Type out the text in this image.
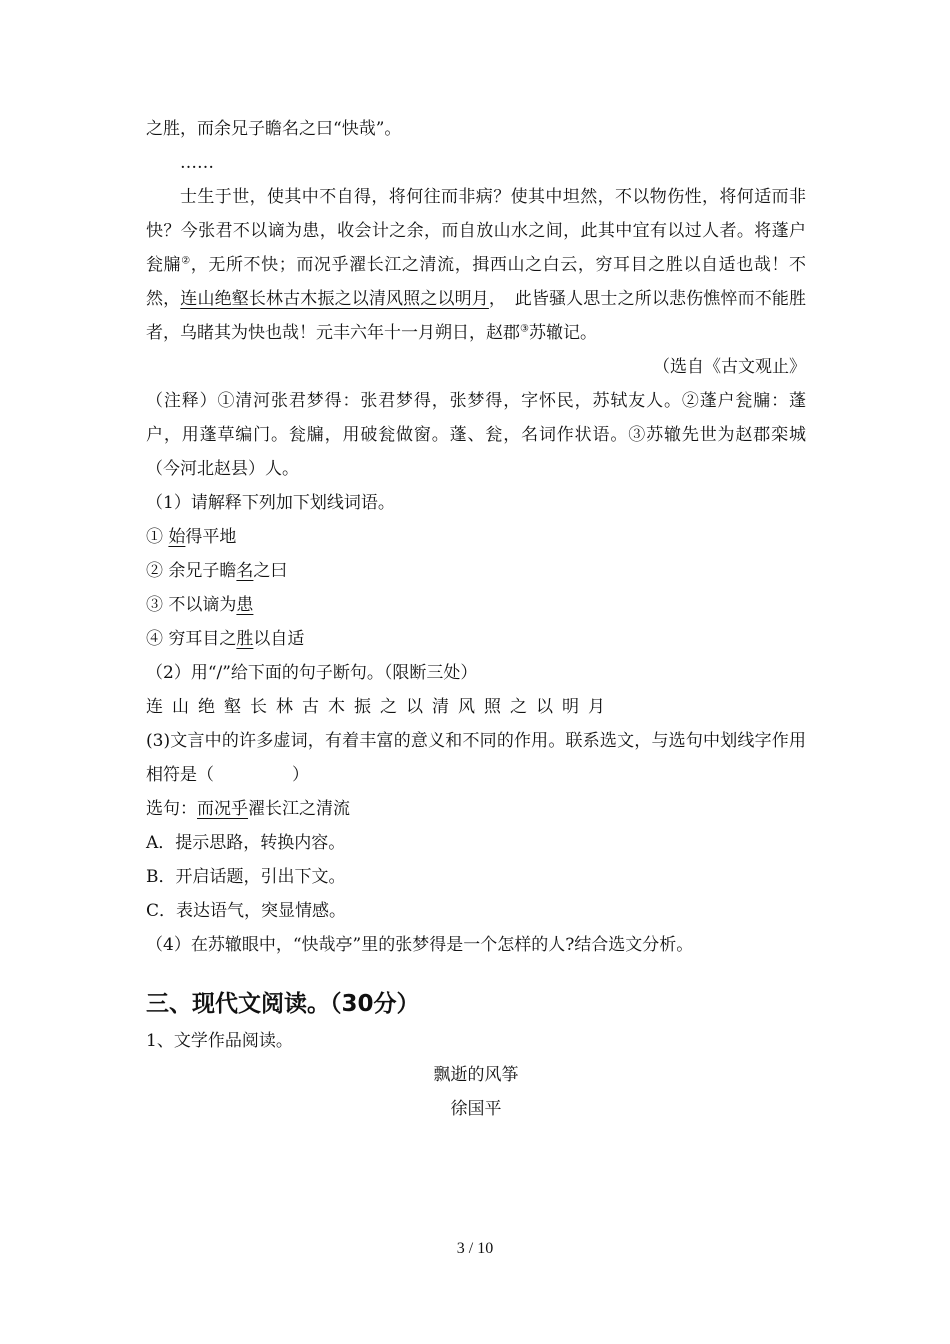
之胜，而余兄子瞻名之曰“快哉”。

……

士生于世，使其中不自得，将何往而非病？使其中坦然，不以物伤性，将何适而非快？今张君不以谪为患，收会计之余，而自放山水之间，此其中宜有以过人者。将蓬户瓮牖②，无所不快；而况乎濯长江之清流，揖西山之白云，穷耳目之胜以自适也哉！不然，连山绝壑长林古木振之以清风照之以明月，　此皆骚人思士之所以悲伤憔悴而不能胜者，乌睹其为快也哉！元丰六年十一月朔日，赵郡③苏辙记。

（选自《古文观止》

（注释）①清河张君梦得：张君梦得，张梦得，字怀民，苏轼友人。②蓬户瓮牖：蓬户，用蓬草编门。瓮牖，用破瓮做窗。蓬、瓮，名词作状语。③苏辙先世为赵郡栾城（今河北赵县）人。

（1）请解释下列加下划线词语。

① 始得平地

② 余兄子瞻名之曰

③ 不以谪为患

④ 穷耳目之胜以自适

（2）用“/”给下面的句子断句。（限断三处）

连山绝壑长林古木振之以清风照之以明月

(3)文言中的许多虚词，有着丰富的意义和不同的作用。联系选文，与选句中划线字作用相符是（	）

选句：而况乎濯长江之清流

A．提示思路，转换内容。

B．开启话题，引出下文。

C．表达语气，突显情感。

（4）在苏辙眼中，“快哉亭”里的张梦得是一个怎样的人?结合选文分析。

三、现代文阅读。（30分）

1、文学作品阅读。

飘逝的风筝

徐国平

3 / 10
